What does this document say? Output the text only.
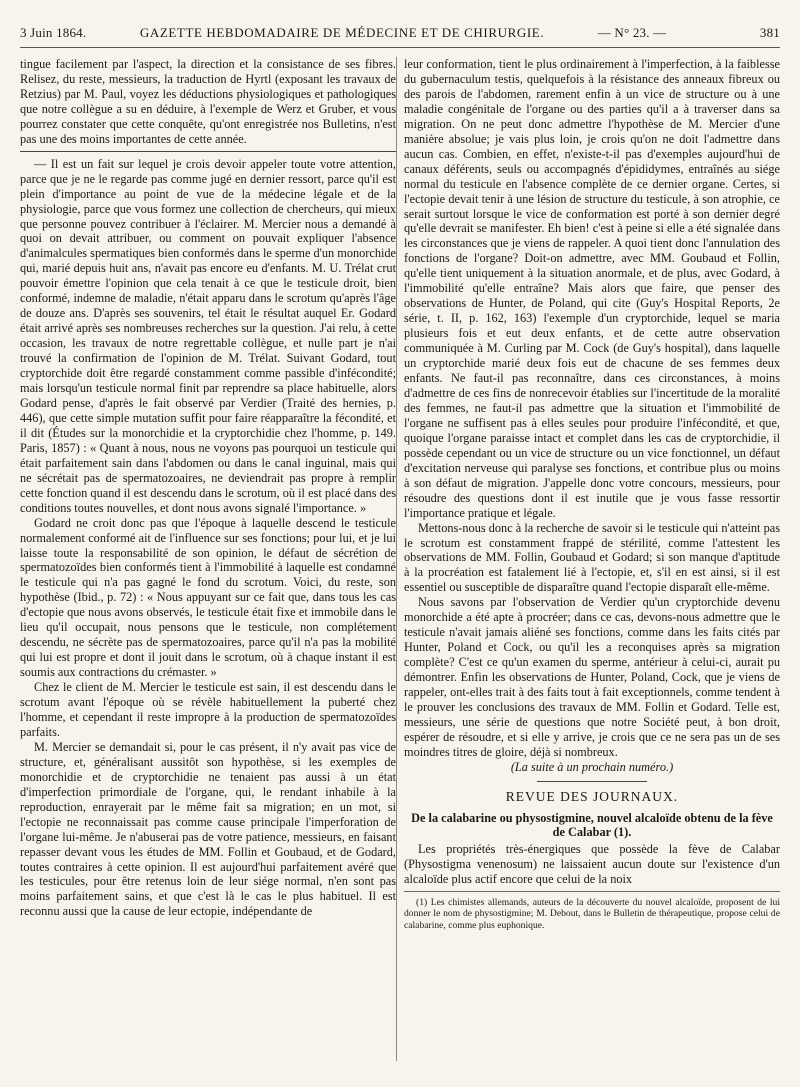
3 Juin 1864.	GAZETTE HEBDOMADAIRE DE MÉDECINE ET DE CHIRURGIE.	— N° 23. —	381

tingue facilement par l'aspect, la direction et la consistance de ses fibres. Relisez, du reste, messieurs, la traduction de Hyrtl (exposant les travaux de Retzius) par M. Paul, voyez les déductions physiologiques et pathologiques que notre collègue a su en déduire, à l'exemple de Werz et Gruber, et vous pourrez constater que cette conquête, qu'ont enregistrée nos Bulletins, n'est pas une des moins importantes de cette année.

— Il est un fait sur lequel je crois devoir appeler toute votre attention, parce que je ne le regarde pas comme jugé en dernier ressort, parce qu'il est plein d'importance au point de vue de la médecine légale et de la physiologie, parce que vous formez une collection de chercheurs, qui mieux que personne pouvez contribuer à l'éclairer. M. Mercier nous a demandé à quoi on devait attribuer, ou comment on pouvait expliquer l'absence d'animalcules spermatiques bien conformés dans le sperme d'un monorchide qui, marié depuis huit ans, n'avait pas encore eu d'enfants. M. U. Trélat crut pouvoir émettre l'opinion que cela tenait à ce que le testicule droit, bien conformé, indemne de maladie, n'était apparu dans le scrotum qu'après l'âge de douze ans. D'après ses souvenirs, tel était le résultat auquel Er. Godard était arrivé après ses nombreuses recherches sur la question. J'ai relu, à cette occasion, les travaux de notre regrettable collègue, et nulle part je n'ai trouvé la confirmation de l'opinion de M. Trélat. Suivant Godard, tout cryptorchide doit être regardé constamment comme passible d'infécondité; mais lorsqu'un testicule normal finit par reprendre sa place habituelle, alors Godard pense, d'après le fait observé par Verdier (Traité des hernies, p. 446), que cette simple mutation suffit pour faire réapparaître la fécondité, et il dit (Études sur la monorchidie et la cryptorchidie chez l'homme, p. 149. Paris, 1857) : « Quant à nous, nous ne voyons pas pourquoi un testicule qui était parfaitement sain dans l'abdomen ou dans le canal inguinal, mais qui ne sécrétait pas de spermatozoaires, ne deviendrait pas propre à remplir cette fonction quand il est descendu dans le scrotum, où il est placé dans des conditions toutes nouvelles, et dont nous avons signalé l'importance. »

Godard ne croit donc pas que l'époque à laquelle descend le testicule normalement conformé ait de l'influence sur ses fonctions; pour lui, et je lui laisse toute la responsabilité de son opinion, le défaut de sécrétion de spermatozoïdes bien conformés tient à l'immobilité à laquelle est condamné le testicule qui n'a pas gagné le fond du scrotum. Voici, du reste, son hypothèse (Ibid., p. 72) : « Nous appuyant sur ce fait que, dans tous les cas d'ectopie que nous avons observés, le testicule était fixe et immobile dans le lieu qu'il occupait, nous pensons que le testicule, non complétement descendu, ne sécrète pas de spermatozoaires, parce qu'il n'a pas la mobilité qui lui est propre et dont il jouit dans le scrotum, où à chaque instant il est soumis aux contractions du crémaster. »

Chez le client de M. Mercier le testicule est sain, il est descendu dans le scrotum avant l'époque où se révèle habituellement la puberté chez l'homme, et cependant il reste impropre à la production de spermatozoïdes parfaits.

M. Mercier se demandait si, pour le cas présent, il n'y avait pas vice de structure, et, généralisant aussitôt son hypothèse, si les exemples de monorchidie et de cryptorchidie ne tenaient pas aussi à un état d'imperfection primordiale de l'organe, qui, le rendant inhabile à la reproduction, enrayerait par le même fait sa migration; en un mot, si l'ectopie ne reconnaissait pas comme cause principale l'imperforation de l'organe lui-même. Je n'abuserai pas de votre patience, messieurs, en faisant repasser devant vous les études de MM. Follin et Goubaud, et de Godard, toutes contraires à cette opinion. Il est aujourd'hui parfaitement avéré que les testicules, pour être retenus loin de leur siége normal, n'en sont pas moins parfaitement sains, et que c'est là le cas le plus habituel. Il est reconnu aussi que la cause de leur ectopie, indépendante de

leur conformation, tient le plus ordinairement à l'imperfection, à la faiblesse du gubernaculum testis, quelquefois à la résistance des anneaux fibreux ou des parois de l'abdomen, rarement enfin à un vice de structure ou à une maladie congénitale de l'organe ou des parties qu'il a à traverser dans sa migration. On ne peut donc admettre l'hypothèse de M. Mercier d'une manière absolue; je vais plus loin, je crois qu'on ne doit l'admettre dans aucun cas. Combien, en effet, n'existe-t-il pas d'exemples aujourd'hui de canaux déférents, seuls ou accompagnés d'épididymes, entraînés au siége normal du testicule en l'absence complète de ce dernier organe. Certes, si l'ectopie devait tenir à une lésion de structure du testicule, à son atrophie, ce serait surtout lorsque le vice de conformation est porté à son dernier degré qu'elle devrait se manifester. Eh bien! c'est à peine si elle a été signalée dans les circonstances que je viens de rappeler. A quoi tient donc l'annulation des fonctions de l'organe? Doit-on admettre, avec MM. Goubaud et Follin, qu'elle tient uniquement à la situation anormale, et de plus, avec Godard, à l'immobilité qu'elle entraîne? Mais alors que faire, que penser des observations de Hunter, de Poland, qui cite (Guy's Hospital Reports, 2e série, t. II, p. 162, 163) l'exemple d'un cryptorchide, lequel se maria plusieurs fois et eut deux enfants, et de cette autre observation communiquée à M. Curling par M. Cock (de Guy's hospital), dans laquelle un cryptorchide marié deux fois eut de chacune de ses femmes deux enfants. Ne faut-il pas reconnaître, dans ces circonstances, à moins d'admettre de ces fins de nonrecevoir établies sur l'incertitude de la moralité des femmes, ne faut-il pas admettre que la situation et l'immobilité de l'organe ne suffisent pas à elles seules pour produire l'infécondité, et que, quoique l'organe paraisse intact et complet dans les cas de cryptorchidie, il possède cependant ou un vice de structure ou un vice fonctionnel, un défaut d'excitation nerveuse qui paralyse ses fonctions, et contribue plus ou moins à son défaut de migration. J'appelle donc votre concours, messieurs, pour résoudre des questions dont il est inutile que je vous fasse ressortir l'importance pratique et légale.

Mettons-nous donc à la recherche de savoir si le testicule qui n'atteint pas le scrotum est constamment frappé de stérilité, comme l'attestent les observations de MM. Follin, Goubaud et Godard; si son manque d'aptitude à la procréation est fatalement lié à l'ectopie, et, s'il en est ainsi, si il est essentiel ou susceptible de disparaître quand l'ectopie disparaît elle-même.

Nous savons par l'observation de Verdier qu'un cryptorchide devenu monorchide a été apte à procréer; dans ce cas, devons-nous admettre que le testicule n'avait jamais aliéné ses fonctions, comme dans les faits cités par Hunter, Poland et Cock, ou qu'il les a reconquises après sa migration complète? C'est ce qu'un examen du sperme, antérieur à celui-ci, aurait pu démontrer. Enfin les observations de Hunter, Poland, Cock, que je viens de rappeler, ont-elles trait à des faits tout à fait exceptionnels, comme tendent à le prouver les conclusions des travaux de MM. Follin et Godard. Telle est, messieurs, une série de questions que notre Société peut, à bon droit, espérer de résoudre, et si elle y arrive, je crois que ce ne sera pas un de ses moindres titres de gloire, déjà si nombreux.

(La suite à un prochain numéro.)

REVUE DES JOURNAUX.
De la calabarine ou physostigmine, nouvel alcaloïde obtenu de la fève de Calabar (1).

Les propriétés très-énergiques que possède la fève de Calabar (Physostigma venenosum) ne laissaient aucun doute sur l'existence d'un alcaloïde plus actif encore que celui de la noix

(1) Les chimistes allemands, auteurs de la découverte du nouvel alcaloïde, proposent de lui donner le nom de physostigmine; M. Debout, dans le Bulletin de thérapeutique, propose celui de calabarine, comme plus euphonique.
